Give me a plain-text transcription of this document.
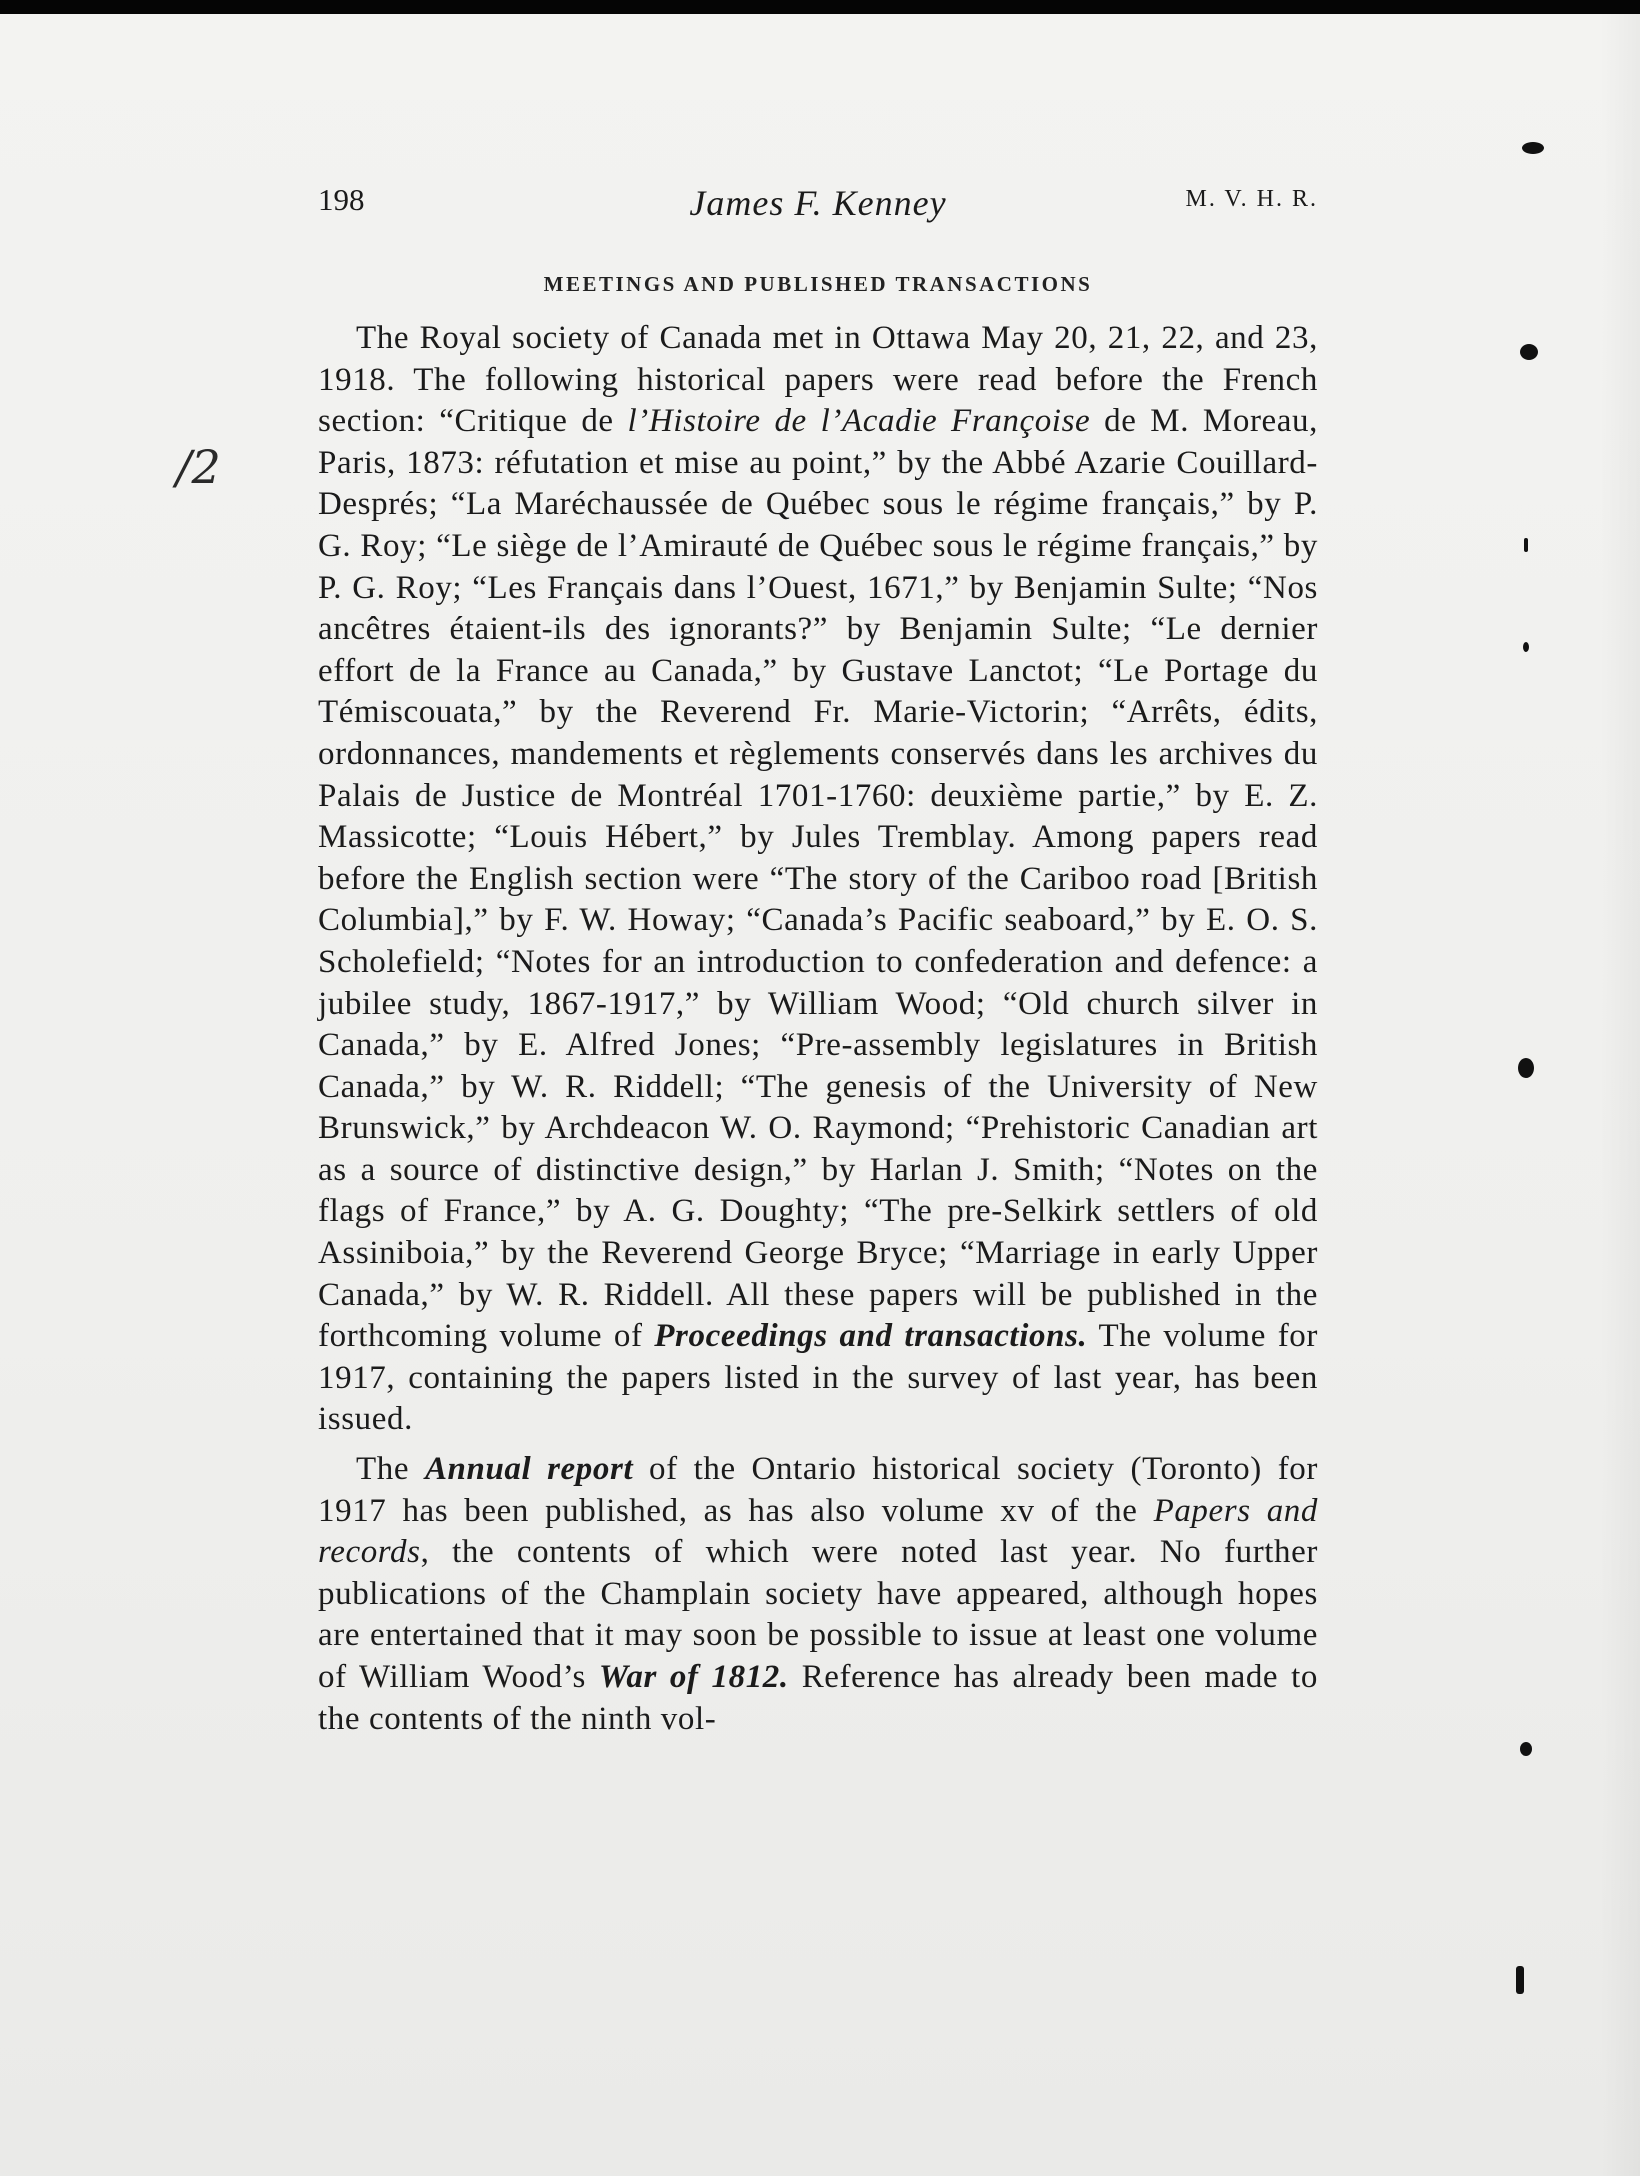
198	James F. Kenney	M. V. H. R.
MEETINGS AND PUBLISHED TRANSACTIONS
/2

The Royal society of Canada met in Ottawa May 20, 21, 22, and 23, 1918. The following historical papers were read before the French section: “Critique de l’Histoire de l’Acadie Françoise de M. Moreau, Paris, 1873: réfutation et mise au point,” by the Abbé Azarie Couillard-Després; “La Maréchaussée de Québec sous le régime français,” by P. G. Roy; “Le siège de l’Amirauté de Québec sous le régime français,” by P. G. Roy; “Les Français dans l’Ouest, 1671,” by Benjamin Sulte; “Nos ancêtres étaient-ils des ignorants?” by Benjamin Sulte; “Le dernier effort de la France au Canada,” by Gustave Lanctot; “Le Portage du Témiscouata,” by the Reverend Fr. Marie-Victorin; “Arrêts, édits, ordonnances, mandements et règlements conservés dans les archives du Palais de Justice de Montréal 1701-1760: deuxième partie,” by E. Z. Massicotte; “Louis Hébert,” by Jules Tremblay. Among papers read before the English section were “The story of the Cariboo road [British Columbia],” by F. W. Howay; “Canada’s Pacific seaboard,” by E. O. S. Scholefield; “Notes for an introduction to confederation and defence: a jubilee study, 1867-1917,” by William Wood; “Old church silver in Canada,” by E. Alfred Jones; “Pre-assembly legislatures in British Canada,” by W. R. Riddell; “The genesis of the University of New Brunswick,” by Archdeacon W. O. Raymond; “Prehistoric Canadian art as a source of distinctive design,” by Harlan J. Smith; “Notes on the flags of France,” by A. G. Doughty; “The pre-Selkirk settlers of old Assiniboia,” by the Reverend George Bryce; “Marriage in early Upper Canada,” by W. R. Riddell. All these papers will be published in the forthcoming volume of Proceedings and transactions. The volume for 1917, containing the papers listed in the survey of last year, has been issued.

The Annual report of the Ontario historical society (Toronto) for 1917 has been published, as has also volume xv of the Papers and records, the contents of which were noted last year. No further publications of the Champlain society have appeared, although hopes are entertained that it may soon be possible to issue at least one volume of William Wood’s War of 1812. Reference has already been made to the contents of the ninth vol-
